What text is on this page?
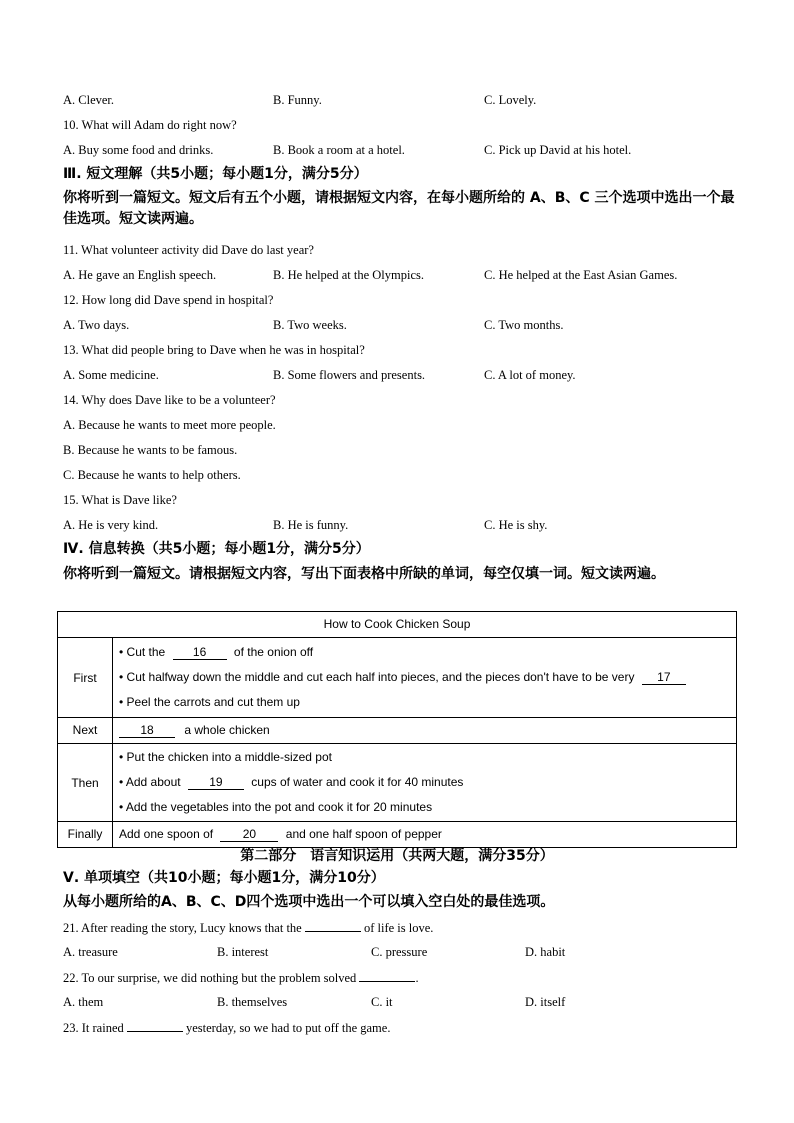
A. Clever.	B. Funny.	C. Lovely.
10. What will Adam do right now?
A. Buy some food and drinks.	B. Book a room at a hotel.	C. Pick up David at his hotel.
Ⅲ. 短文理解（共5小题；每小题1分，满分5分）
你将听到一篇短文。短文后有五个小题，请根据短文内容，在每小题所给的 A、B、C 三个选项中选出一个最佳选项。短文读两遍。
11. What volunteer activity did Dave do last year?
A. He gave an English speech.	B. He helped at the Olympics.	C. He helped at the East Asian Games.
12. How long did Dave spend in hospital?
A. Two days.	B. Two weeks.	C. Two months.
13. What did people bring to Dave when he was in hospital?
A. Some medicine.	B. Some flowers and presents.	C. A lot of money.
14. Why does Dave like to be a volunteer?
A. Because he wants to meet more people.
B. Because he wants to be famous.
C. Because he wants to help others.
15. What is Dave like?
A. He is very kind.	B. He is funny.	C. He is shy.
Ⅳ. 信息转换（共5小题；每小题1分，满分5分）
你将听到一篇短文。请根据短文内容，写出下面表格中所缺的单词，每空仅填一词。短文读两遍。
How to Cook Chicken Soup	
First	• Cut the 16 of the onion off
• Cut halfway down the middle and cut each half into pieces, and the pieces don't have to be very 17
• Peel the carrots and cut them up

Next	18 a whole chicken
Then	• Put the chicken into a middle-sized pot
• Add about 19 cups of water and cook it for 40 minutes
• Add the vegetables into the pot and cook it for 20 minutes

Finally	Add one spoon of 20 and one half spoon of pepper
第二部分　语言知识运用（共两大题，满分35分）
Ⅴ. 单项填空（共10小题；每小题1分，满分10分）
从每小题所给的A、B、C、D四个选项中选出一个可以填入空白处的最佳选项。
21. After reading the story, Lucy knows that the	of life is love.
A. treasure	B. interest	C. pressure	D. habit
22. To our surprise, we did nothing but the problem solved	.
A. them	B. themselves	C. it	D. itself
23. It rained	yesterday, so we had to put off the game.
